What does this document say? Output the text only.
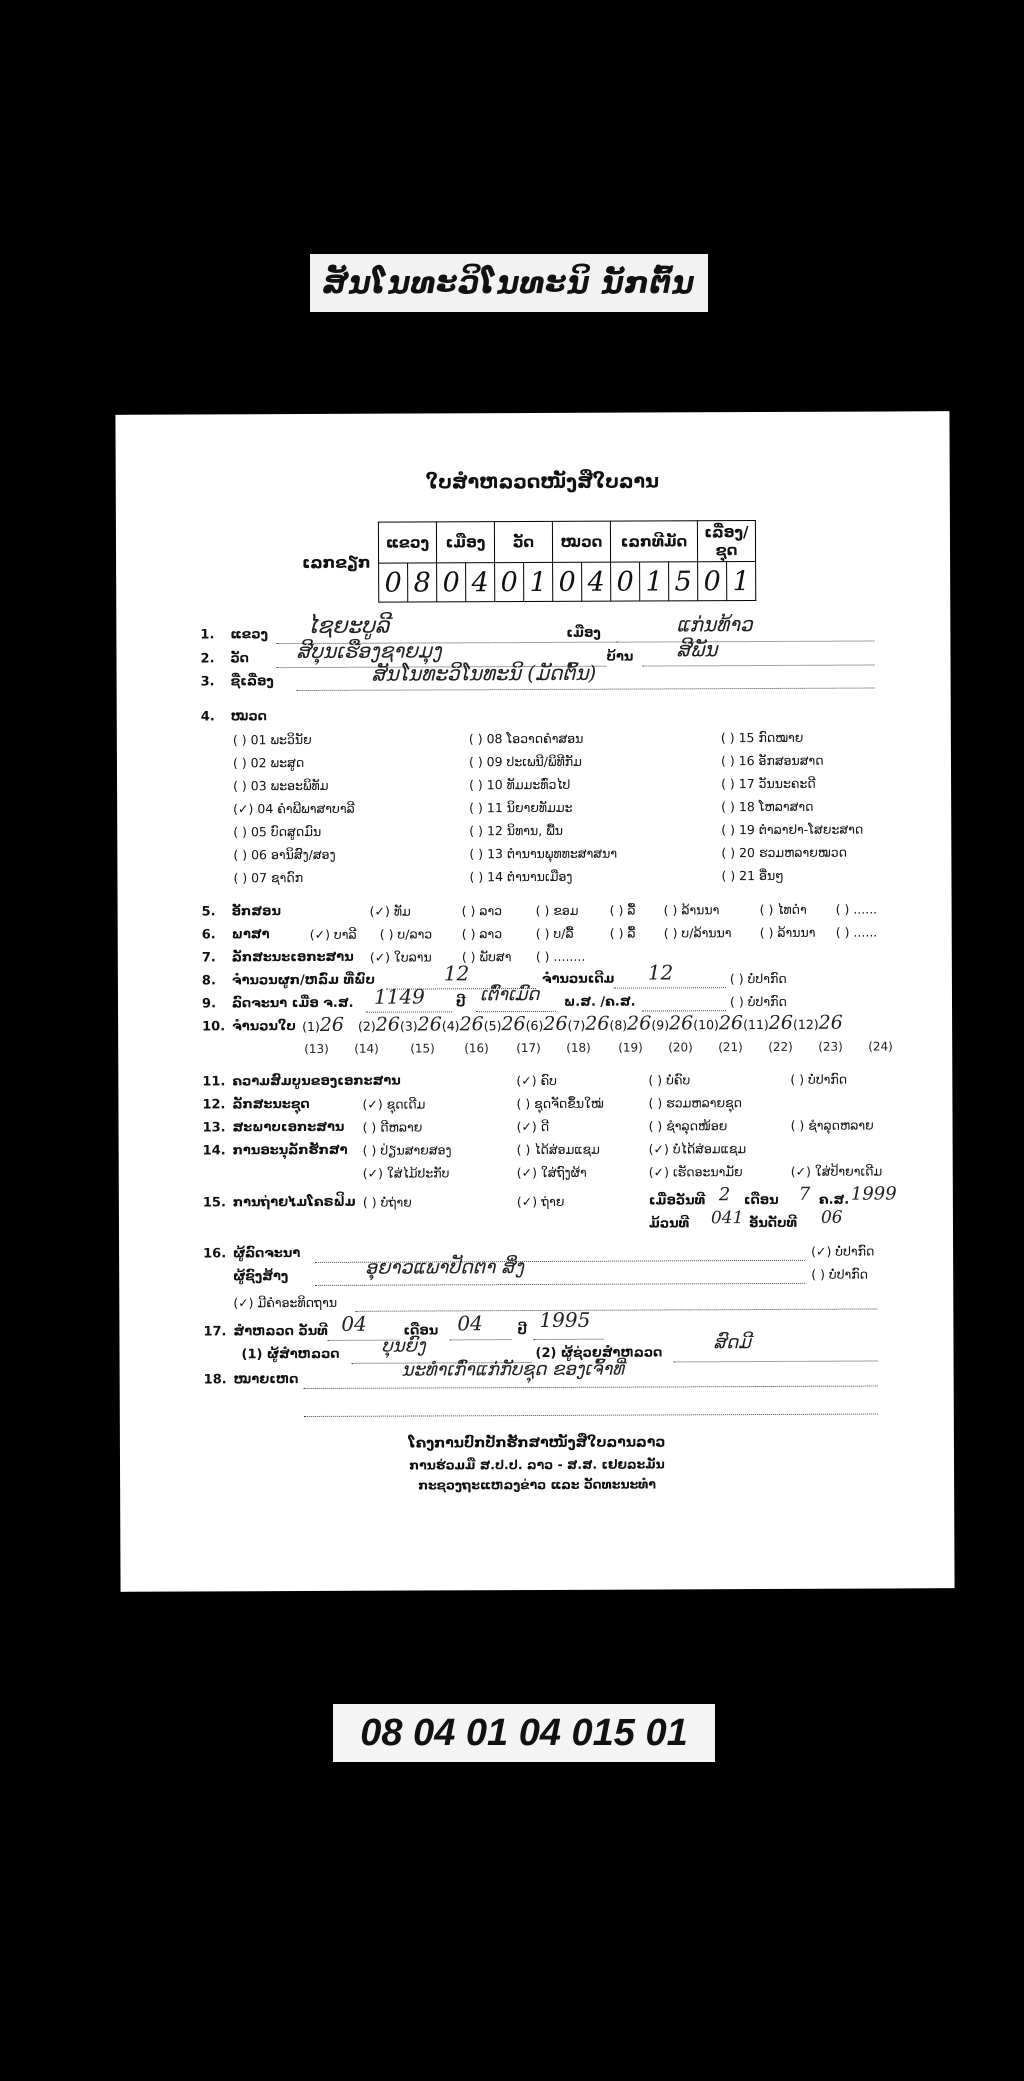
ສັນໂນທະວິໂນທະນິ ນັກຕົ້ນ
ໃບສຳຫລວດໜັງສືໃບລານ
ເລກຂຽກ
ແຂວງ		ເມືອງ		ວັດ		ໝວດ		ເລກທີມັດ			ເລື່ອງ/ຊຸດ	
0	8	0	4	0	1	0	4	0	1	5	0	1
1. ແຂວງ ໄຊຍະບູລີ	ເມືອງ	ແກ່ນທ້າວ
2. ວັດ ສີບຸນເຮືອງຊາຍມຸງ	ບ້ານ ສີພັນ
3. ຊື່ເລື່ອງ	ສັນໂນທະວິໂນທະນິ (ມັດຕົ້ນ)
4. ໝວດ
( ) 01 ພະວິນັຍ	( ) 08 ໂອວາດຄຳສອນ	( ) 15 ກົດໝາຍ
( ) 02 ພະສູດ	( ) 09 ປະເພນີ/ພິທີກັມ	( ) 16 ອັກສອນສາດ
( ) 03 ພະອະພິທັມ	( ) 10 ທັມມະທົ່ວໄປ	( ) 17 ວັນນະຄະດີ
(✓) 04 ຄຳພີພາສາບາລີ	( ) 11 ນິຍາຍທັມມະ	( ) 18 ໂຫລາສາດ
( ) 05 ບົດສູດມົນ	( ) 12 ນິທານ, ພື້ນ	( ) 19 ຕຳລາຢາ-ໂສຍະສາດ
( ) 06 ອານິສົງ/ສອງ	( ) 13 ຕຳນານພຸທທະສາສນາ	( ) 20 ຮວມຫລາຍໝວດ
( ) 07 ຊາດົກ	( ) 14 ຕຳນານເມືອງ	( ) 21 ອື່ນໆ
5. ອັກສອນ	(✓) ທັມ	( ) ລາວ	( ) ຂອມ ( ) ລື້ ( ) ລ້ານນາ	( ) ໄທດໍາ ( ) ......
6. ພາສາ	(✓) ບາລີ ( ) ບ/ລາວ ( ) ລາວ	( ) ບ/ລື້	( ) ລື້ ( ) ບ/ລ້ານນາ ( ) ລ້ານນາ ( ) ......
7. ລັກສະນະເອກະສານ (✓) ໃບລານ ( ) ພັບສາ ( ) ........
8. ຈຳນວນຜູກ/ຫລົ່ມ ທີ່ພົບ	12	ຈຳນວນເດີມ 12	( ) ບໍ່ປາກົດ
9. ລົດຈະນາ ເມື່ອ ຈ.ສ. 1149 ປີ ເຕົ່າເມົດ ພ.ສ. /ຄ.ສ.	( ) ບໍ່ປາກົດ
10. ຈຳນວນໃບ (1) 26 (2) 26 (3) 26 (4) 26 (5) 26 (6) 26 (7) 26 (8) 26 (9) 26 (10) 26 (11) 26 (12) 26
(13) (14)	(15) (16) (17) (18) (19) (20) (21) (22) (23) (24)
11. ຄວາມສົມບູນຂອງເອກະສານ	(✓) ຄົບ	( ) ບໍ່ຄົບ	( ) ບໍ່ປາກົດ
12. ລັກສະນະຊຸດ	(✓) ຊຸດເດີມ	( ) ຊຸດຈັດຂຶ້ນໃໝ່	( ) ຮວມຫລາຍຊຸດ
13. ສະພາບເອກະສານ ( ) ດີຫລາຍ	(✓) ດີ	( ) ຊຳລຸດໜ້ອຍ	( ) ຊຳລຸດຫລາຍ
14. ການອະນຸລັກຮັກສາ ( ) ປ່ຽນສາຍສອງ	( ) ໄດ້ສ່ອມແຊມ	(✓) ບໍ່ໄດ້ສ່ອມແຊມ
(✓) ໃສ່ໄມ້ປະກັບ	(✓) ໃສ່ຖົງຜ້າ	(✓) ເຮັດອະນາມັຍ	(✓) ໃສ່ປ້າຍາເດີມ
15. ການຖ່າຍໄມໂຄຣຟິມ ( ) ບໍ່ຖ່າຍ	(✓) ຖ່າຍ	ເມື່ອວັນທີ 2 ເດືອນ 7 ຄ.ສ. 1999
ມ້ວນທີ 041 ອັນດັບທີ 06
16. ຜູ້ລົດຈະນາ	(✓) ບໍ່ປາກົດ
ຜູ້ຊົງສ້າງ	ອຸຍາວແພາປັດຕາ ສິ່ງ	( ) ບໍ່ປາກົດ
(✓) ມີຄໍາອະທິດຖານ
17. ສຳຫລວດ ວັນທີ 04	ເດືອນ 04	ປີ 1995
(1) ຜູ້ສຳຫລວດ ບຸນຍົງ	(2) ຜູ້ຊ່ວຍສຳຫລວດ
ສົດມີ
18. ໝາຍເຫດ	ນະທຳເກົ່າແກ່ກັບຊຸດ ຂອງເຈົ້າທີ່
ໂຄງການປົກປັກຮັກສາໜັງສືໃບລານລາວ
ການຮ່ວມມື ສ.ປ.ປ. ລາວ - ສ.ສ. ເຢຍລະມັນ
ກະຊວງຖະແຫລງຂ່າວ ແລະ ວັດທະນະທຳ
08 04 01 04 015 01
